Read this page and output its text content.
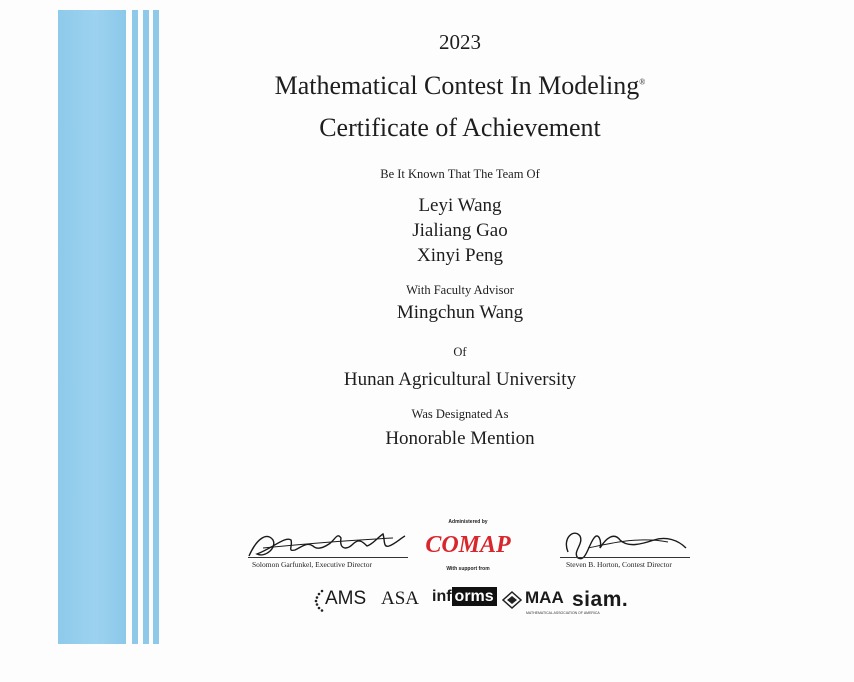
2023
Mathematical Contest In Modeling®
Certificate of Achievement
Be It Known That The Team Of
Leyi Wang
Jialiang Gao
Xinyi Peng
With Faculty Advisor
Mingchun Wang
Of
Hunan Agricultural University
Was Designated As
Honorable Mention
Solomon Garfunkel, Executive Director
Administered by
COMAP
With support from	Steven B. Horton, Contest Director
AMS ASA inf orms	MAA siam.
MATHEMATICAL ASSOCIATION OF AMERICA
